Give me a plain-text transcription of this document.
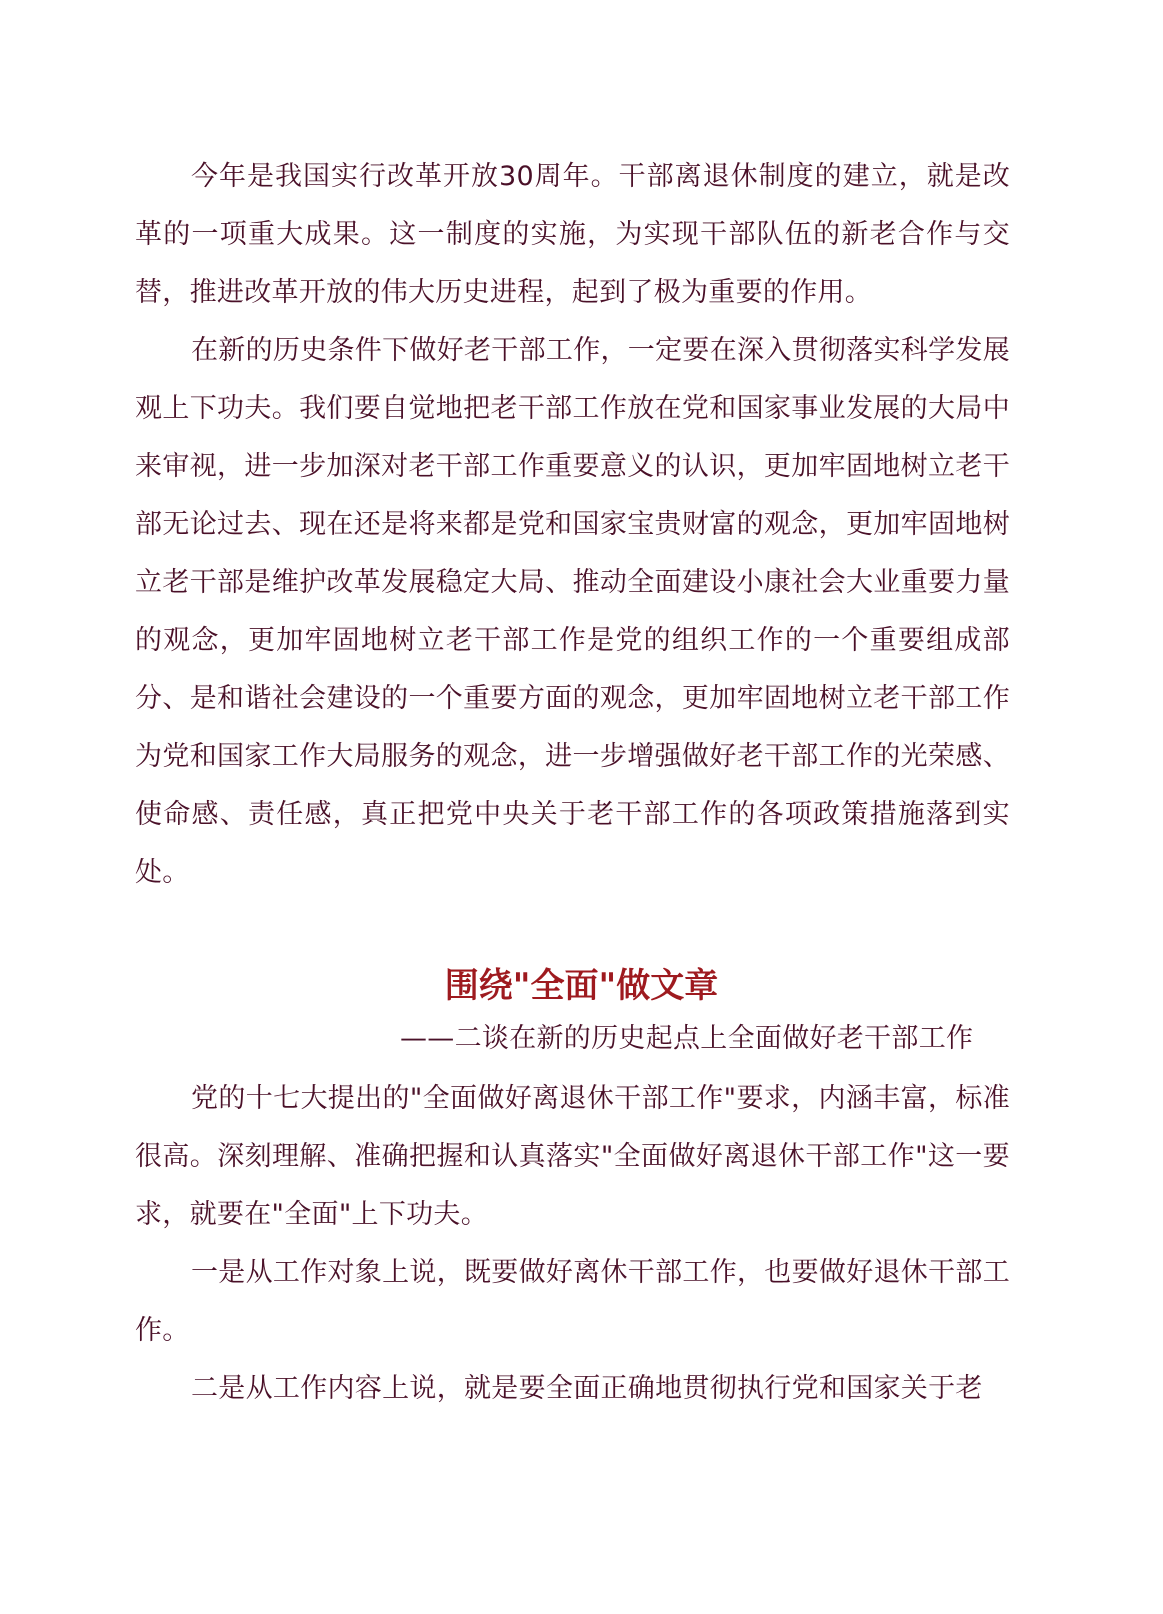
今年是我国实行改革开放30周年。干部离退休制度的建立，就是改革的一项重大成果。这一制度的实施，为实现干部队伍的新老合作与交替，推进改革开放的伟大历史进程，起到了极为重要的作用。

在新的历史条件下做好老干部工作，一定要在深入贯彻落实科学发展观上下功夫。我们要自觉地把老干部工作放在党和国家事业发展的大局中来审视，进一步加深对老干部工作重要意义的认识，更加牢固地树立老干部无论过去、现在还是将来都是党和国家宝贵财富的观念，更加牢固地树立老干部是维护改革发展稳定大局、推动全面建设小康社会大业重要力量的观念，更加牢固地树立老干部工作是党的组织工作的一个重要组成部分、是和谐社会建设的一个重要方面的观念，更加牢固地树立老干部工作为党和国家工作大局服务的观念，进一步增强做好老干部工作的光荣感、使命感、责任感，真正把党中央关于老干部工作的各项政策措施落到实处。

围绕"全面"做文章

——二谈在新的历史起点上全面做好老干部工作

党的十七大提出的"全面做好离退休干部工作"要求，内涵丰富，标准很高。深刻理解、准确把握和认真落实"全面做好离退休干部工作"这一要求，就要在"全面"上下功夫。

一是从工作对象上说，既要做好离休干部工作，也要做好退休干部工作。

二是从工作内容上说，就是要全面正确地贯彻执行党和国家关于老
